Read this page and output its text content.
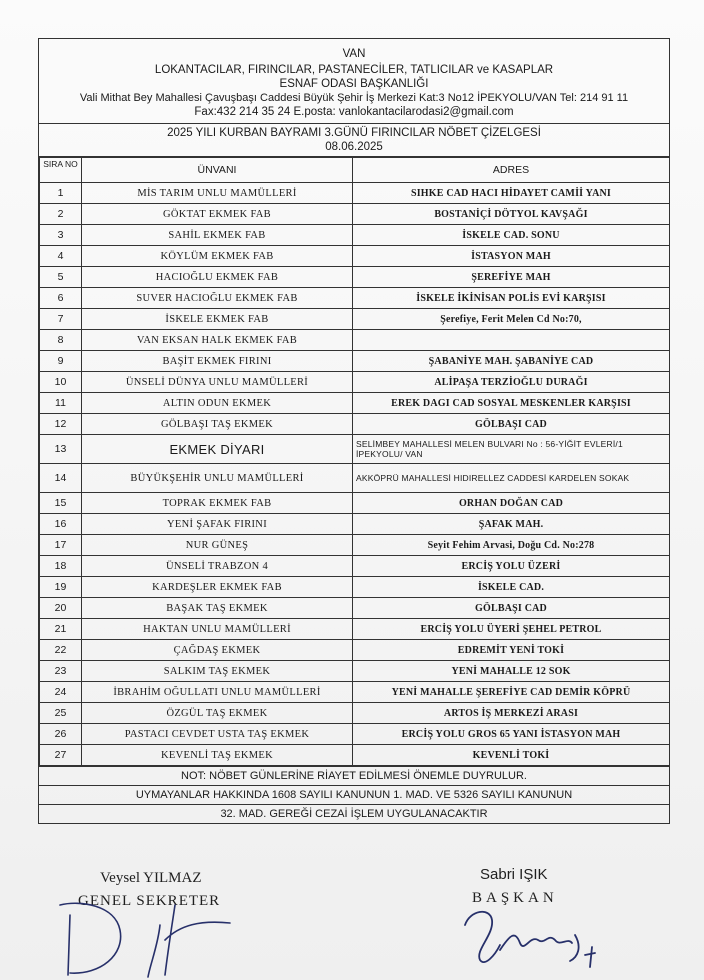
VAN
LOKANTACILAR, FIRINCILAR, PASTANECİLER, TATLICILAR ve KASAPLAR
ESNAF ODASI BAŞKANLIĞI
Vali Mithat Bey Mahallesi Çavuşbaşı Caddesi Büyük Şehir İş Merkezi Kat:3 No12 İPEKYOLU/VAN Tel: 214 91 11
Fax:432 214 35 24 E.posta: vanlokantacilarodasi2@gmail.com
2025 YILI KURBAN BAYRAMI 3.GÜNÜ FIRINCILAR NÖBET ÇİZELGESİ
08.06.2025
SIRA NO	ÜNVANI	ADRES
1	MİS TARIM UNLU MAMÜLLERİ	SIHKE CAD HACI HİDAYET CAMİİ YANI
2	GÖKTAT EKMEK FAB	BOSTANİÇİ DÖTYOL KAVŞAĞI
3	SAHİL EKMEK FAB	İSKELE CAD. SONU
4	KÖYLÜM EKMEK FAB	İSTASYON MAH
5	HACIOĞLU EKMEK FAB	ŞEREFİYE MAH
6	SUVER HACIOĞLU EKMEK FAB	İSKELE İKİNİSAN POLİS EVİ KARŞISI
7	İSKELE EKMEK FAB	Şerefiye, Ferit Melen Cd No:70,
8	VAN EKSAN HALK EKMEK FAB	
9	BAŞİT EKMEK FIRINI	ŞABANİYE MAH. ŞABANİYE CAD
10	ÜNSELİ DÜNYA UNLU MAMÜLLERİ	ALİPAŞA TERZİOĞLU DURAĞI
11	ALTIN ODUN EKMEK	EREK DAGI CAD SOSYAL MESKENLER KARŞISI
12	GÖLBAŞI TAŞ EKMEK	GÖLBAŞI CAD
13	EKMEK DİYARI	SELİMBEY MAHALLESİ MELEN BULVARI No : 56-YİĞİT EVLERİ/1 İPEKYOLU/ VAN
14	BÜYÜKŞEHİR UNLU MAMÜLLERİ	AKKÖPRÜ MAHALLESİ HIDIRELLEZ CADDESİ KARDELEN SOKAK
15	TOPRAK EKMEK FAB	ORHAN DOĞAN CAD
16	YENİ ŞAFAK FIRINI	ŞAFAK MAH.
17	NUR GÜNEŞ	Seyit Fehim Arvasi, Doğu Cd. No:278
18	ÜNSELİ TRABZON 4	ERCİŞ YOLU ÜZERİ
19	KARDEŞLER EKMEK FAB	İSKELE CAD.
20	BAŞAK TAŞ EKMEK	GÖLBAŞI CAD
21	HAKTAN UNLU MAMÜLLERİ	ERCİŞ YOLU ÜYERİ ŞEHEL PETROL
22	ÇAĞDAŞ EKMEK	EDREMİT YENİ TOKİ
23	SALKIM TAŞ EKMEK	YENİ MAHALLE 12 SOK
24	İBRAHİM OĞULLATI UNLU MAMÜLLERİ	YENİ MAHALLE ŞEREFİYE CAD DEMİR KÖPRÜ
25	ÖZGÜL TAŞ EKMEK	ARTOS İŞ MERKEZİ ARASI
26	PASTACI CEVDET USTA TAŞ EKMEK	ERCİŞ YOLU GROS 65 YANI İSTASYON MAH
27	KEVENLİ TAŞ EKMEK	KEVENLİ TOKİ
NOT: NÖBET GÜNLERİNE RİAYET EDİLMESİ ÖNEMLE DUYRULUR.
UYMAYANLAR HAKKINDA 1608 SAYILI KANUNUN 1. MAD. VE 5326 SAYILI KANUNUN
32. MAD. GEREĞİ CEZAİ İŞLEM UYGULANACAKTIR
Veysel YILMAZ
GENEL SEKRETER
Sabri IŞIK
BAŞKAN
